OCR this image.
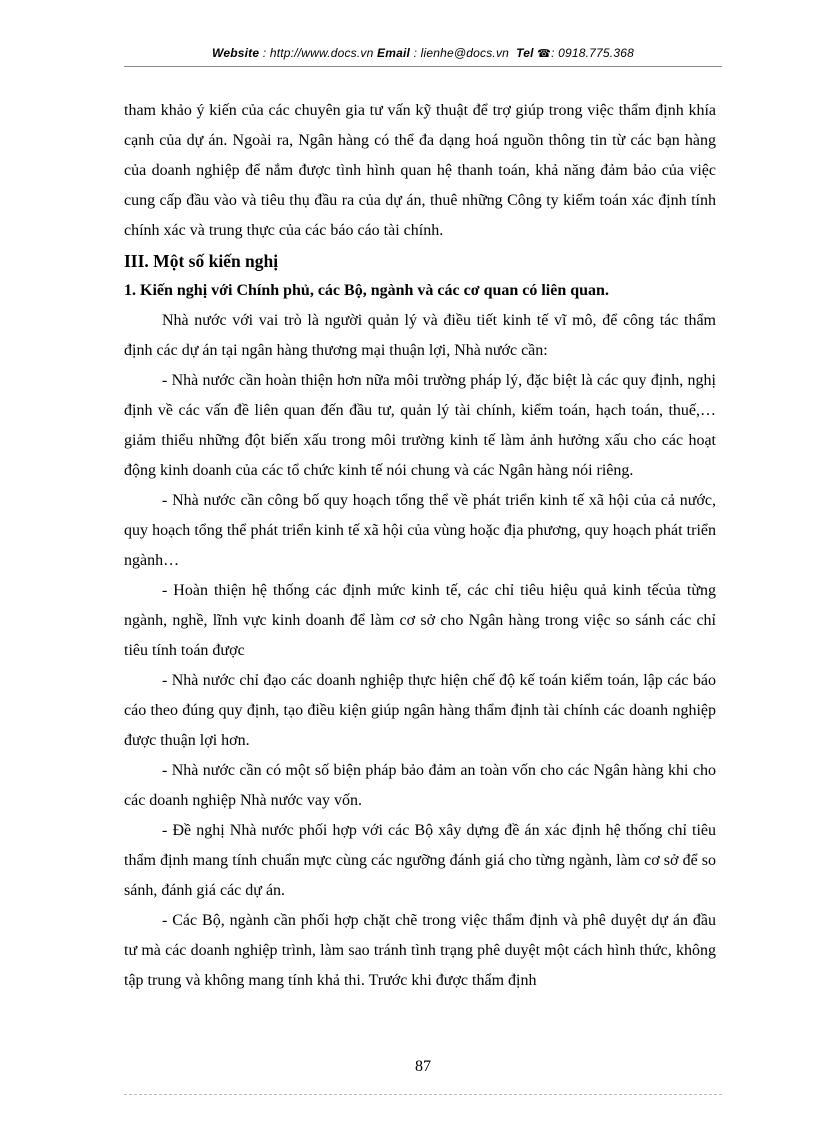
Website : http://www.docs.vn Email : lienhe@docs.vn Tel ☎: 0918.775.368

tham khảo ý kiến của các chuyên gia tư vấn kỹ thuật để trợ giúp trong việc thẩm định khía cạnh của dự án. Ngoài ra, Ngân hàng có thể đa dạng hoá nguồn thông tin từ các bạn hàng của doanh nghiệp để nắm được tình hình quan hệ thanh toán, khả năng đảm bảo của việc cung cấp đầu vào và tiêu thụ đầu ra của dự án, thuê những Công ty kiểm toán xác định tính chính xác và trung thực của các báo cáo tài chính.

III. Một số kiến nghị
1. Kiến nghị với Chính phủ, các Bộ, ngành và các cơ quan có liên quan.

Nhà nước với vai trò là người quản lý và điều tiết kinh tế vĩ mô, để công tác thẩm định các dự án tại ngân hàng thương mại thuận lợi, Nhà nước cần:

- Nhà nước cần hoàn thiện hơn nữa môi trường pháp lý, đặc biệt là các quy định, nghị định về các vấn đề liên quan đến đầu tư, quản lý tài chính, kiểm toán, hạch toán, thuế,… giảm thiểu những đột biến xấu trong môi trường kinh tế làm ảnh hưởng xấu cho các hoạt động kinh doanh của các tổ chức kinh tế nói chung và các Ngân hàng nói riêng.

- Nhà nước cần công bố quy hoạch tổng thể về phát triển kinh tế xã hội của cả nước, quy hoạch tổng thể phát triển kinh tế xã hội của vùng hoặc địa phương, quy hoạch phát triển ngành…

- Hoàn thiện hệ thống các định mức kinh tế, các chỉ tiêu hiệu quả kinh tếcủa từng ngành, nghề, lĩnh vực kinh doanh để làm cơ sở cho Ngân hàng trong việc so sánh các chỉ tiêu tính toán được

- Nhà nước chỉ đạo các doanh nghiệp thực hiện chế độ kế toán kiểm toán, lập các báo cáo theo đúng quy định, tạo điều kiện giúp ngân hàng thẩm định tài chính các doanh nghiệp được thuận lợi hơn.

- Nhà nước cần có một số biện pháp bảo đảm an toàn vốn cho các Ngân hàng khi cho các doanh nghiệp Nhà nước vay vốn.

- Đề nghị Nhà nước phối hợp với các Bộ xây dựng đề án xác định hệ thống chỉ tiêu thẩm định mang tính chuẩn mực cùng các ngưỡng đánh giá cho từng ngành, làm cơ sở để so sánh, đánh giá các dự án.

- Các Bộ, ngành cần phối hợp chặt chẽ trong việc thẩm định và phê duyệt dự án đầu tư mà các doanh nghiệp trình, làm sao tránh tình trạng phê duyệt một cách hình thức, không tập trung và không mang tính khả thi. Trước khi được thẩm định

87
